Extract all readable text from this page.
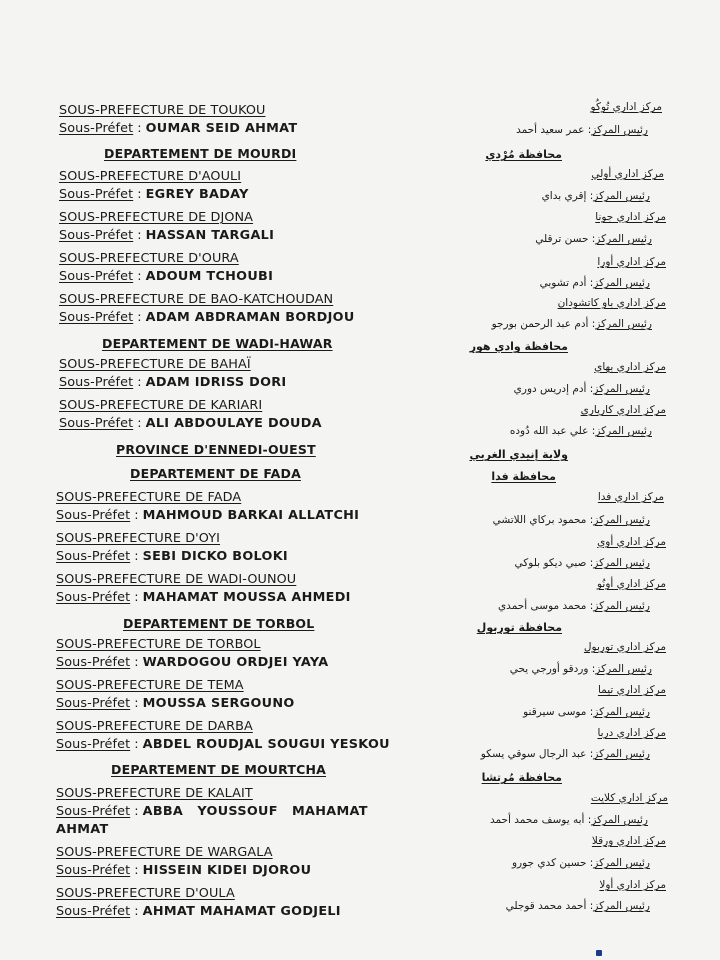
SOUS-PREFECTURE DE TOUKOU
Sous-Préfet : OUMAR SEID AHMAT
DEPARTEMENT DE MOURDI
SOUS-PREFECTURE D'AOULI
Sous-Préfet : EGREY BADAY
SOUS-PREFECTURE DE DJONA
Sous-Préfet : HASSAN TARGALI
SOUS-PREFECTURE D'OURA
Sous-Préfet : ADOUM TCHOUBI
SOUS-PREFECTURE DE BAO-KATCHOUDAN
Sous-Préfet : ADAM ABDRAMAN BORDJOU
DEPARTEMENT DE WADI-HAWAR
SOUS-PREFECTURE DE BAHAÏ
Sous-Préfet : ADAM IDRISS DORI
SOUS-PREFECTURE DE KARIARI
Sous-Préfet : ALI ABDOULAYE DOUDA
PROVINCE D'ENNEDI-OUEST
DEPARTEMENT DE FADA
SOUS-PREFECTURE DE FADA
Sous-Préfet : MAHMOUD BARKAI ALLATCHI
SOUS-PREFECTURE D'OYI
Sous-Préfet : SEBI DICKO BOLOKI
SOUS-PREFECTURE DE WADI-OUNOU
Sous-Préfet : MAHAMAT MOUSSA AHMEDI
DEPARTEMENT DE TORBOL
SOUS-PREFECTURE DE TORBOL
Sous-Préfet : WARDOGOU ORDJEI YAYA
SOUS-PREFECTURE DE TEMA
Sous-Préfet : MOUSSA SERGOUNO
SOUS-PREFECTURE DE DARBA
Sous-Préfet : ABDEL ROUDJAL SOUGUI YESKOU
DEPARTEMENT DE MOURTCHA
SOUS-PREFECTURE DE KALAIT
Sous-Préfet : ABBA   YOUSSOUF   MAHAMAT
AHMAT
SOUS-PREFECTURE DE WARGALA
Sous-Préfet : HISSEIN KIDEI DJOROU
SOUS-PREFECTURE D'OULA
Sous-Préfet : AHMAT MAHAMAT GODJELI
مركز اداري تُوكُو
رئيس المركز: عمر سعيد أحمد
محافظة مُرْدي
مركز اداري أولي
رئيس المركز: إقري بداي
مركز اداري جونا
رئيس المركز: حسن ترقلي
مركز اداري أورا
رئيس المركز: أدم تشوبي
مركز اداري باو كاتشودان
رئيس المركز: أدم عبد الرحمن بورجو
محافظة وادي هور
مركز اداري بهاي
رئيس المركز: أدم إدريس دوري
مركز اداري كاريارى
رئيس المركز: علي عبد الله دُوده
ولاية إنيدي الغربي
محافظة فدا
مركز اداري فدا
رئيس المركز: محمود بركاي اللاتشي
مركز اداري أوي
رئيس المركز: صبي ديكو بلوكي
مركز اداري أونُو
رئيس المركز: محمد موسى أحمدي
محافظة توربول
مركز اداري توربول
رئيس المركز: وردقو أورجي يحي
مركز اداري تيما
رئيس المركز: موسى سيرقنو
مركز اداري دربا
رئيس المركز: عبد الرجال سوقي يسكو
محافظة مُرتشا
مركز اداري كلايت
رئيس المركز: أبه يوسف محمد أحمد
مركز اداري ورقلا
رئيس المركز: حسين كدي جورو
مركز اداري أولا
رئيس المركز: أحمد محمد قوجلي
